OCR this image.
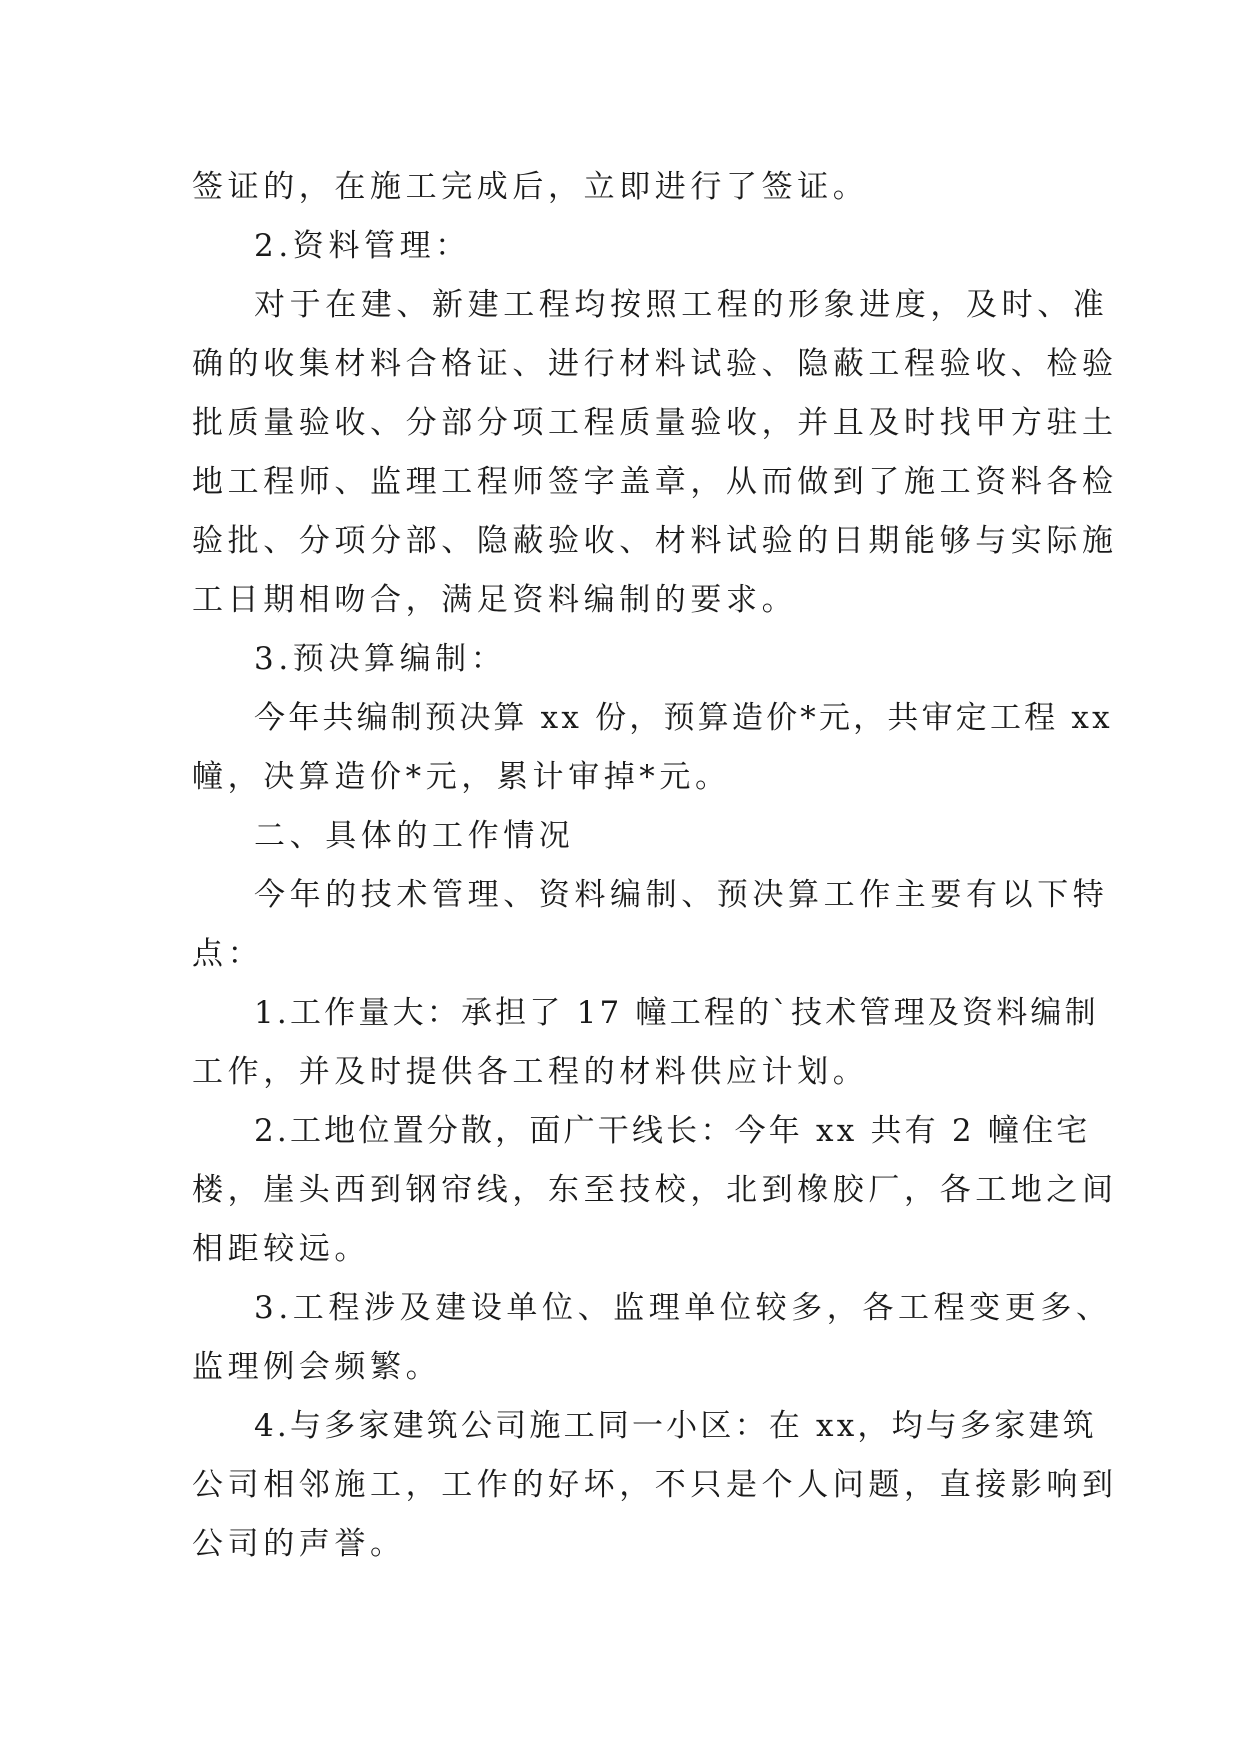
签证的，在施工完成后，立即进行了签证。
2.资料管理：
对于在建、新建工程均按照工程的形象进度，及时、准
确的收集材料合格证、进行材料试验、隐蔽工程验收、检验
批质量验收、分部分项工程质量验收，并且及时找甲方驻土
地工程师、监理工程师签字盖章，从而做到了施工资料各检
验批、分项分部、隐蔽验收、材料试验的日期能够与实际施
工日期相吻合，满足资料编制的要求。
3.预决算编制：
今年共编制预决算 xx 份，预算造价*元，共审定工程 xx
幢，决算造价*元，累计审掉*元。
二、具体的工作情况
今年的技术管理、资料编制、预决算工作主要有以下特
点：
1.工作量大：承担了 17 幢工程的`技术管理及资料编制
工作，并及时提供各工程的材料供应计划。
2.工地位置分散，面广干线长：今年 xx 共有 2 幢住宅
楼，崖头西到钢帘线，东至技校，北到橡胶厂，各工地之间
相距较远。
3.工程涉及建设单位、监理单位较多，各工程变更多、
监理例会频繁。
4.与多家建筑公司施工同一小区：在 xx，均与多家建筑
公司相邻施工，工作的好坏，不只是个人问题，直接影响到
公司的声誉。
